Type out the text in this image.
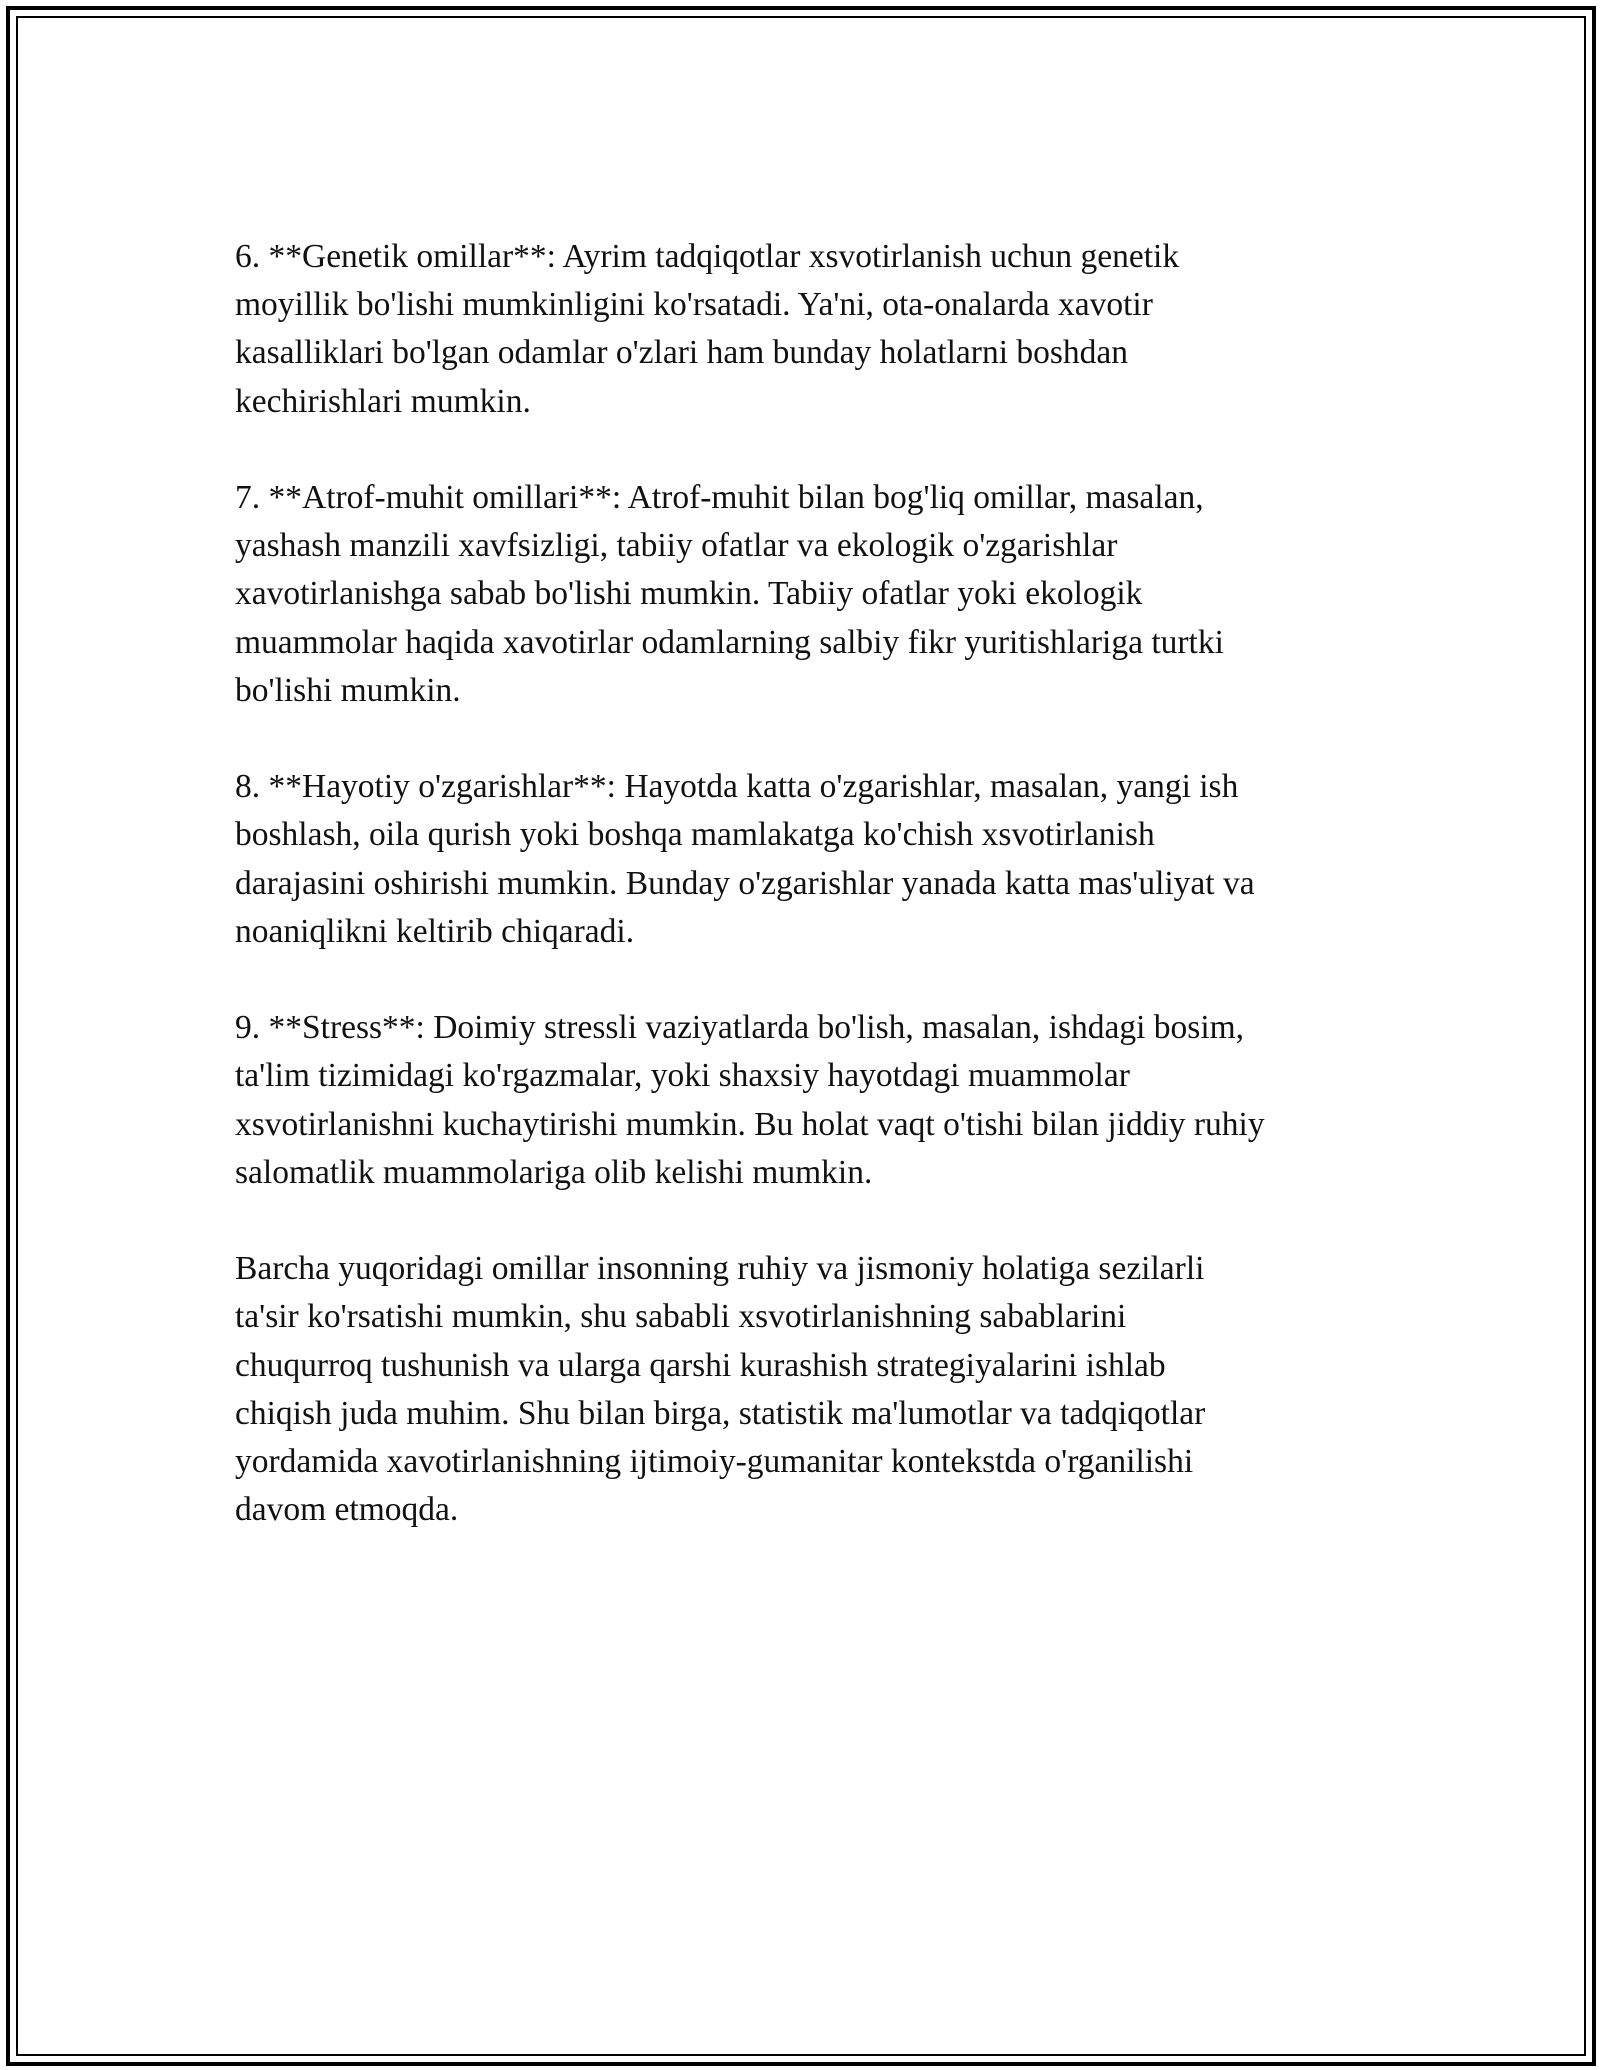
6. **Genetik omillar**: Ayrim tadqiqotlar xsvotirlanish uchun genetik
moyillik bo'lishi mumkinligini ko'rsatadi. Ya'ni, ota-onalarda xavotir
kasalliklari bo'lgan odamlar o'zlari ham bunday holatlarni boshdan
kechirishlari mumkin.
7. **Atrof-muhit omillari**: Atrof-muhit bilan bog'liq omillar, masalan,
yashash manzili xavfsizligi, tabiiy ofatlar va ekologik o'zgarishlar
xavotirlanishga sabab bo'lishi mumkin. Tabiiy ofatlar yoki ekologik
muammolar haqida xavotirlar odamlarning salbiy fikr yuritishlariga turtki
bo'lishi mumkin.
8. **Hayotiy o'zgarishlar**: Hayotda katta o'zgarishlar, masalan, yangi ish
boshlash, oila qurish yoki boshqa mamlakatga ko'chish xsvotirlanish
darajasini oshirishi mumkin. Bunday o'zgarishlar yanada katta mas'uliyat va
noaniqlikni keltirib chiqaradi.
9. **Stress**: Doimiy stressli vaziyatlarda bo'lish, masalan, ishdagi bosim,
ta'lim tizimidagi ko'rgazmalar, yoki shaxsiy hayotdagi muammolar
xsvotirlanishni kuchaytirishi mumkin. Bu holat vaqt o'tishi bilan jiddiy ruhiy
salomatlik muammolariga olib kelishi mumkin.
Barcha yuqoridagi omillar insonning ruhiy va jismoniy holatiga sezilarli
ta'sir ko'rsatishi mumkin, shu sababli xsvotirlanishning sabablarini
chuqurroq tushunish va ularga qarshi kurashish strategiyalarini ishlab
chiqish juda muhim. Shu bilan birga, statistik ma'lumotlar va tadqiqotlar
yordamida xavotirlanishning ijtimoiy-gumanitar kontekstda o'rganilishi
davom etmoqda.
